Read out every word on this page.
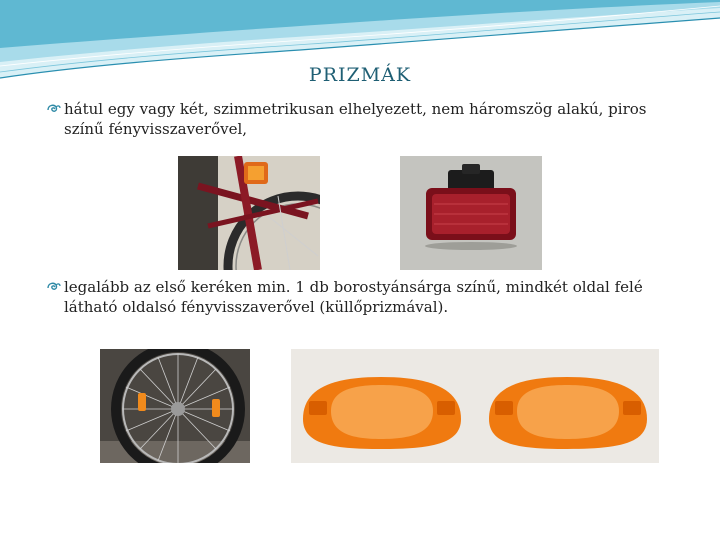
PRIZMÁK
hátul egy vagy két, szimmetrikusan elhelyezett, nem háromszög alakú, piros színű fényvisszaverővel,
legalább az első keréken min. 1 db borostyánsárga színű, mindkét oldal felé látható oldalsó fényvisszaverővel (küllőprizmával).
